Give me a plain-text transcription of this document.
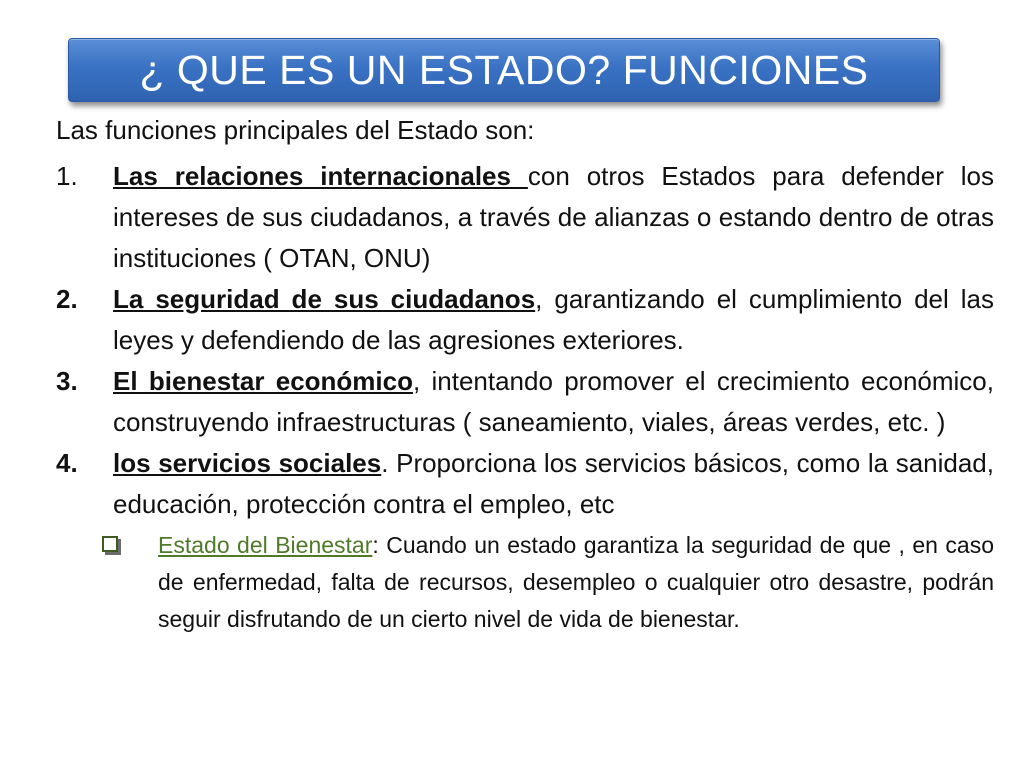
¿ QUE ES UN ESTADO? FUNCIONES

Las funciones principales del Estado son:

1. Las relaciones internacionales con otros Estados para defender los intereses de sus ciudadanos, a través de alianzas o estando dentro de otras instituciones ( OTAN, ONU)
2. La seguridad de sus ciudadanos, garantizando el cumplimiento del las leyes y defendiendo de las agresiones exteriores.
3. El bienestar económico, intentando promover el crecimiento económico, construyendo infraestructuras ( saneamiento, viales, áreas verdes, etc. )
4. los servicios sociales. Proporciona los servicios básicos, como la sanidad, educación, protección contra el empleo, etc
Estado del Bienestar: Cuando un estado garantiza la seguridad de que , en caso de enfermedad, falta de recursos, desempleo o cualquier otro desastre, podrán seguir disfrutando de un cierto nivel de vida de bienestar.
